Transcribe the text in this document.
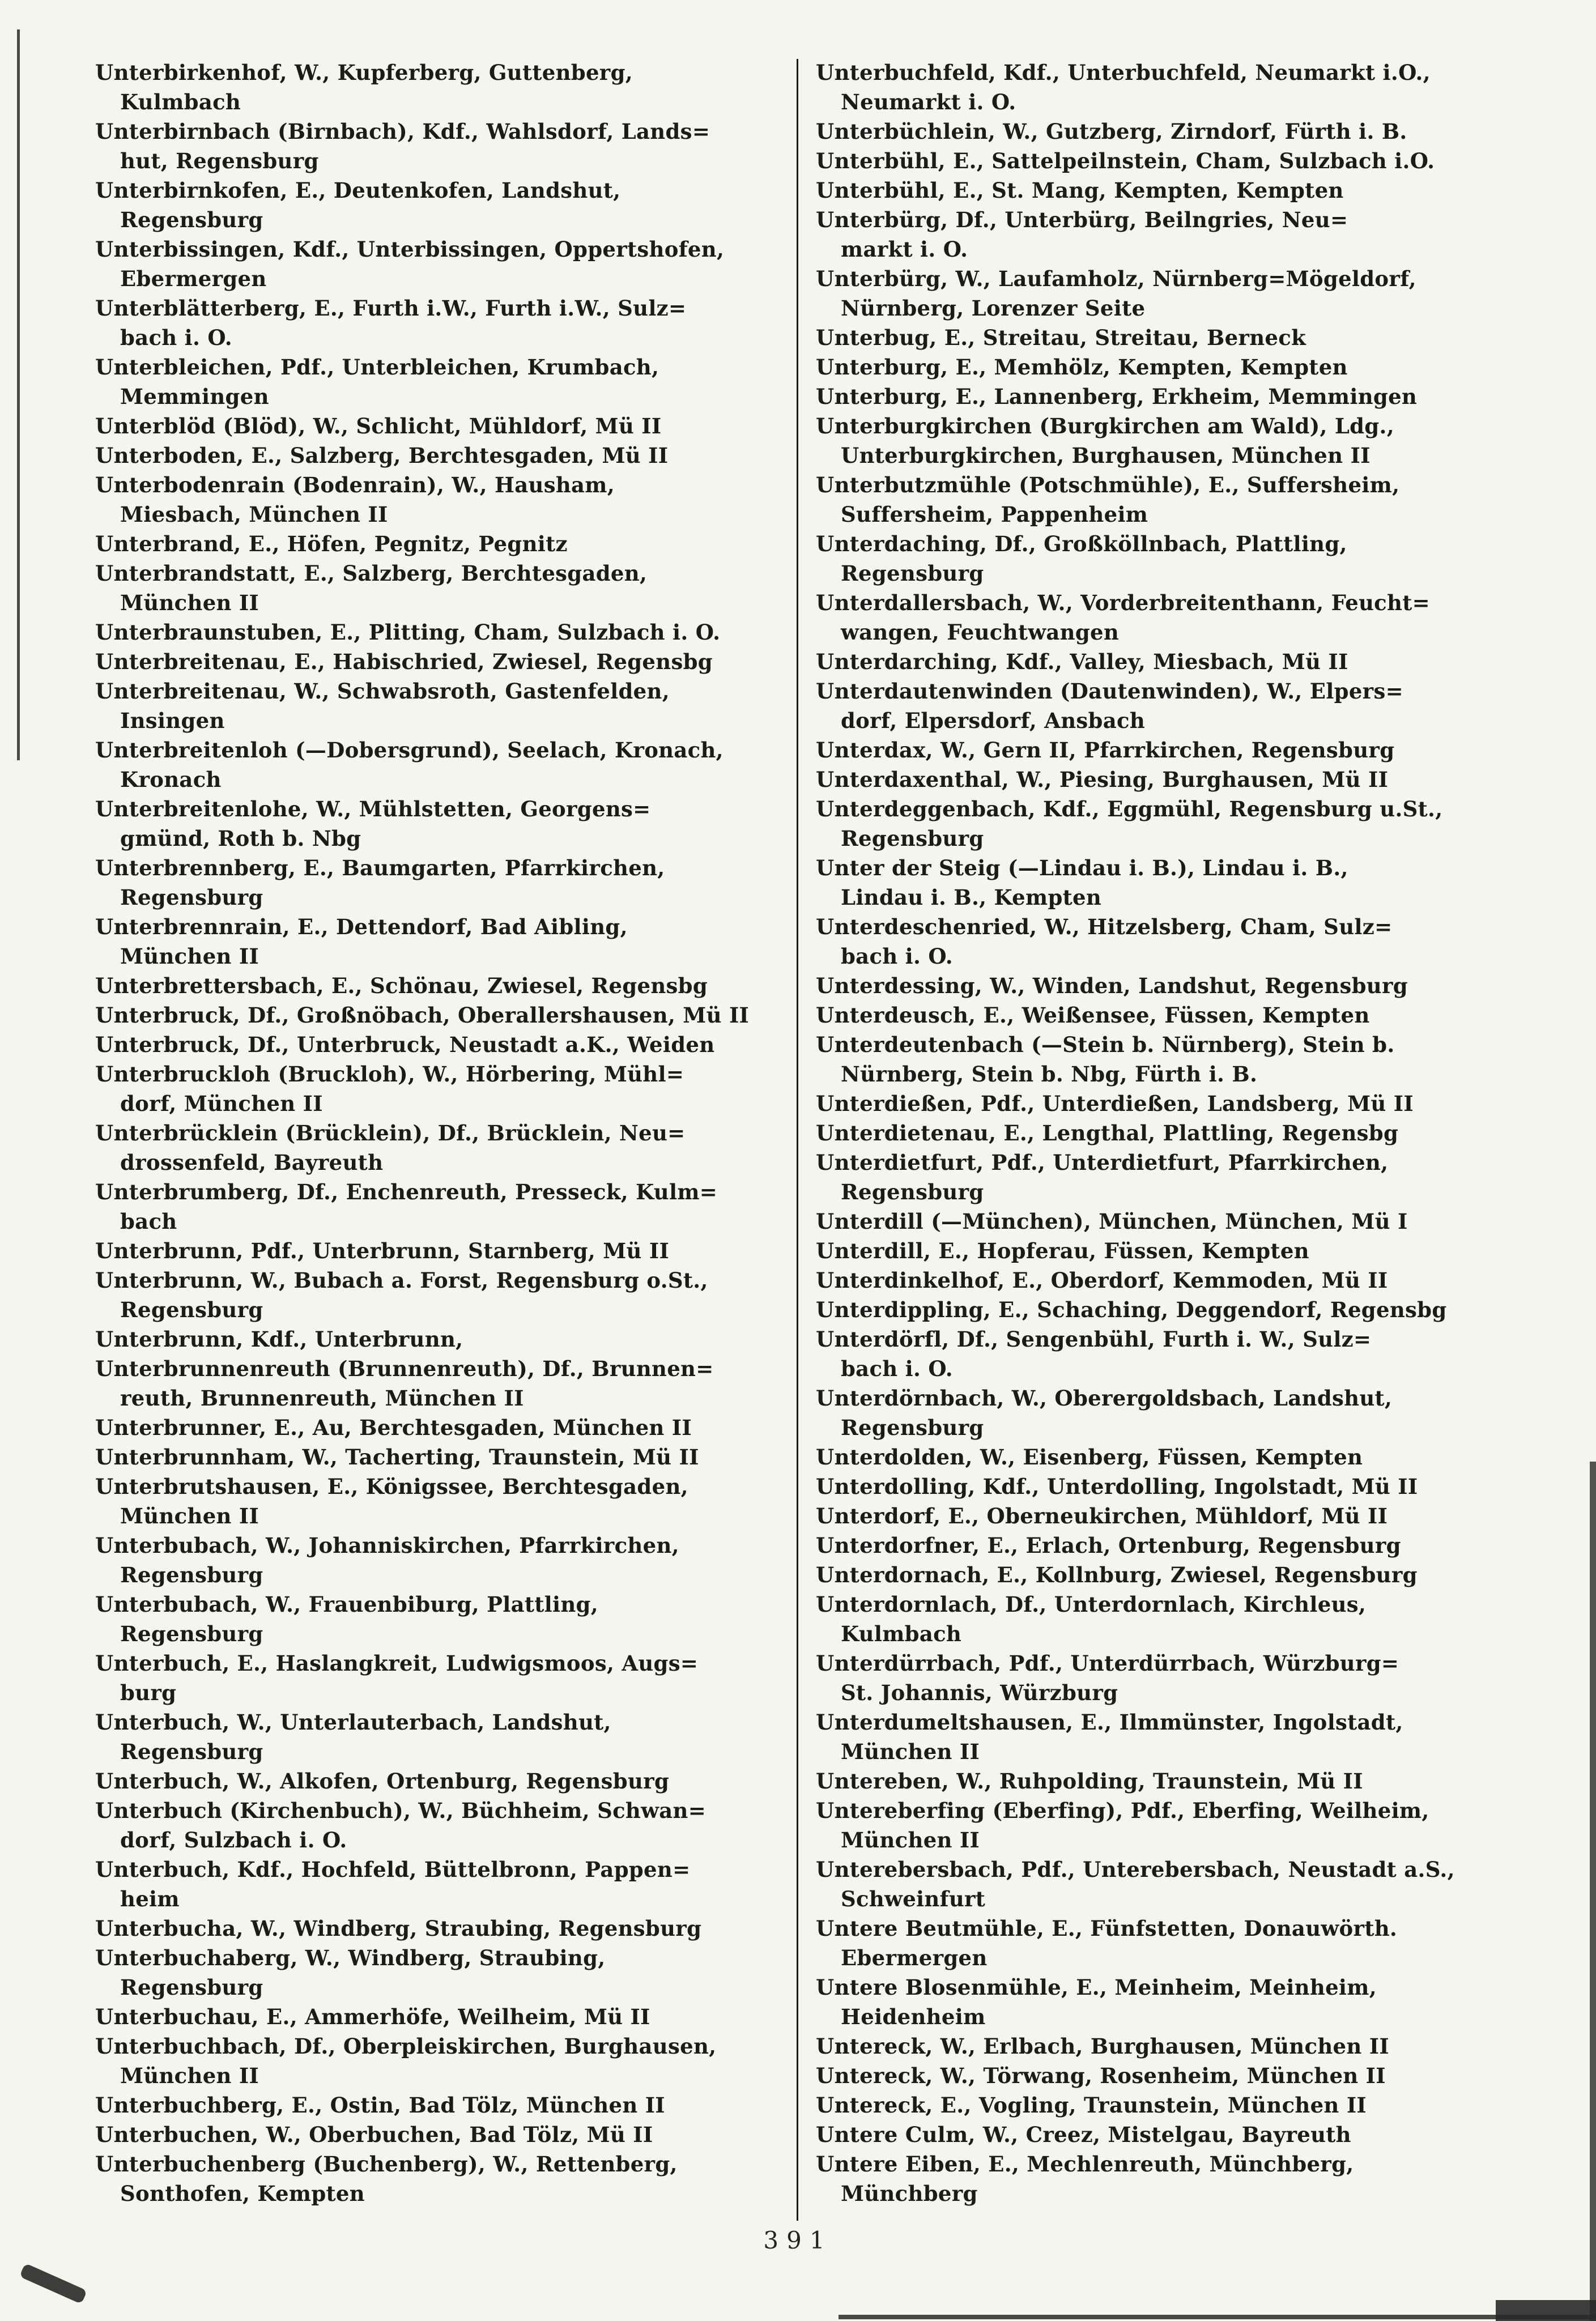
Unterbirkenhof, W., Kupferberg, Guttenberg,
Kulmbach
Unterbirnbach (Birnbach), Kdf., Wahlsdorf, Lands=
hut, Regensburg
Unterbirnkofen, E., Deutenkofen, Landshut,
Regensburg
Unterbissingen, Kdf., Unterbissingen, Oppertshofen,
Ebermergen
Unterblätterberg, E., Furth i.W., Furth i.W., Sulz=
bach i. O.
Unterbleichen, Pdf., Unterbleichen, Krumbach,
Memmingen
Unterblöd (Blöd), W., Schlicht, Mühldorf, Mü II
Unterboden, E., Salzberg, Berchtesgaden, Mü II
Unterbodenrain (Bodenrain), W., Hausham,
Miesbach, München II
Unterbrand, E., Höfen, Pegnitz, Pegnitz
Unterbrandstatt, E., Salzberg, Berchtesgaden,
München II
Unterbraunstuben, E., Plitting, Cham, Sulzbach i. O.
Unterbreitenau, E., Habischried, Zwiesel, Regensbg
Unterbreitenau, W., Schwabsroth, Gastenfelden,
Insingen
Unterbreitenloh (—Dobersgrund), Seelach, Kronach,
Kronach
Unterbreitenlohe, W., Mühlstetten, Georgens=
gmünd, Roth b. Nbg
Unterbrennberg, E., Baumgarten, Pfarrkirchen,
Regensburg
Unterbrennrain, E., Dettendorf, Bad Aibling,
München II
Unterbrettersbach, E., Schönau, Zwiesel, Regensbg
Unterbruck, Df., Großnöbach, Oberallershausen, Mü II
Unterbruck, Df., Unterbruck, Neustadt a.K., Weiden
Unterbruckloh (Bruckloh), W., Hörbering, Mühl=
dorf, München II
Unterbrücklein (Brücklein), Df., Brücklein, Neu=
drossenfeld, Bayreuth
Unterbrumberg, Df., Enchenreuth, Presseck, Kulm=
bach
Unterbrunn, Pdf., Unterbrunn, Starnberg, Mü II
Unterbrunn, W., Bubach a. Forst, Regensburg o.St.,
Regensburg
Unterbrunn, Kdf., Unterbrunn,
Unterbrunnenreuth (Brunnenreuth), Df., Brunnen=
reuth, Brunnenreuth, München II
Unterbrunner, E., Au, Berchtesgaden, München II
Unterbrunnham, W., Tacherting, Traunstein, Mü II
Unterbrutshausen, E., Königssee, Berchtesgaden,
München II
Unterbubach, W., Johanniskirchen, Pfarrkirchen,
Regensburg
Unterbubach, W., Frauenbiburg, Plattling,
Regensburg
Unterbuch, E., Haslangkreit, Ludwigsmoos, Augs=
burg
Unterbuch, W., Unterlauterbach, Landshut,
Regensburg
Unterbuch, W., Alkofen, Ortenburg, Regensburg
Unterbuch (Kirchenbuch), W., Büchheim, Schwan=
dorf, Sulzbach i. O.
Unterbuch, Kdf., Hochfeld, Büttelbronn, Pappen=
heim
Unterbucha, W., Windberg, Straubing, Regensburg
Unterbuchaberg, W., Windberg, Straubing,
Regensburg
Unterbuchau, E., Ammerhöfe, Weilheim, Mü II
Unterbuchbach, Df., Oberpleiskirchen, Burghausen,
München II
Unterbuchberg, E., Ostin, Bad Tölz, München II
Unterbuchen, W., Oberbuchen, Bad Tölz, Mü II
Unterbuchenberg (Buchenberg), W., Rettenberg,
Sonthofen, Kempten
Unterbuchfeld, Kdf., Unterbuchfeld, Neumarkt i.O.,
Neumarkt i. O.
Unterbüchlein, W., Gutzberg, Zirndorf, Fürth i. B.
Unterbühl, E., Sattelpeilnstein, Cham, Sulzbach i.O.
Unterbühl, E., St. Mang, Kempten, Kempten
Unterbürg, Df., Unterbürg, Beilngries, Neu=
markt i. O.
Unterbürg, W., Laufamholz, Nürnberg=Mögeldorf,
Nürnberg, Lorenzer Seite
Unterbug, E., Streitau, Streitau, Berneck
Unterburg, E., Memhölz, Kempten, Kempten
Unterburg, E., Lannenberg, Erkheim, Memmingen
Unterburgkirchen (Burgkirchen am Wald), Ldg.,
Unterburgkirchen, Burghausen, München II
Unterbutzmühle (Potschmühle), E., Suffersheim,
Suffersheim, Pappenheim
Unterdaching, Df., Großköllnbach, Plattling,
Regensburg
Unterdallersbach, W., Vorderbreitenthann, Feucht=
wangen, Feuchtwangen
Unterdarching, Kdf., Valley, Miesbach, Mü II
Unterdautenwinden (Dautenwinden), W., Elpers=
dorf, Elpersdorf, Ansbach
Unterdax, W., Gern II, Pfarrkirchen, Regensburg
Unterdaxenthal, W., Piesing, Burghausen, Mü II
Unterdeggenbach, Kdf., Eggmühl, Regensburg u.St.,
Regensburg
Unter der Steig (—Lindau i. B.), Lindau i. B.,
Lindau i. B., Kempten
Unterdeschenried, W., Hitzelsberg, Cham, Sulz=
bach i. O.
Unterdessing, W., Winden, Landshut, Regensburg
Unterdeusch, E., Weißensee, Füssen, Kempten
Unterdeutenbach (—Stein b. Nürnberg), Stein b.
Nürnberg, Stein b. Nbg, Fürth i. B.
Unterdießen, Pdf., Unterdießen, Landsberg, Mü II
Unterdietenau, E., Lengthal, Plattling, Regensbg
Unterdietfurt, Pdf., Unterdietfurt, Pfarrkirchen,
Regensburg
Unterdill (—München), München, München, Mü I
Unterdill, E., Hopferau, Füssen, Kempten
Unterdinkelhof, E., Oberdorf, Kemmoden, Mü II
Unterdippling, E., Schaching, Deggendorf, Regensbg
Unterdörfl, Df., Sengenbühl, Furth i. W., Sulz=
bach i. O.
Unterdörnbach, W., Oberergoldsbach, Landshut,
Regensburg
Unterdolden, W., Eisenberg, Füssen, Kempten
Unterdolling, Kdf., Unterdolling, Ingolstadt, Mü II
Unterdorf, E., Oberneukirchen, Mühldorf, Mü II
Unterdorfner, E., Erlach, Ortenburg, Regensburg
Unterdornach, E., Kollnburg, Zwiesel, Regensburg
Unterdornlach, Df., Unterdornlach, Kirchleus,
Kulmbach
Unterdürrbach, Pdf., Unterdürrbach, Würzburg=
St. Johannis, Würzburg
Unterdumeltshausen, E., Ilmmünster, Ingolstadt,
München II
Untereben, W., Ruhpolding, Traunstein, Mü II
Untereberfing (Eberfing), Pdf., Eberfing, Weilheim,
München II
Unterebersbach, Pdf., Unterebersbach, Neustadt a.S.,
Schweinfurt
Untere Beutmühle, E., Fünfstetten, Donauwörth.
Ebermergen
Untere Blosenmühle, E., Meinheim, Meinheim,
Heidenheim
Untereck, W., Erlbach, Burghausen, München II
Untereck, W., Törwang, Rosenheim, München II
Untereck, E., Vogling, Traunstein, München II
Untere Culm, W., Creez, Mistelgau, Bayreuth
Untere Eiben, E., Mechlenreuth, Münchberg,
Münchberg
391
